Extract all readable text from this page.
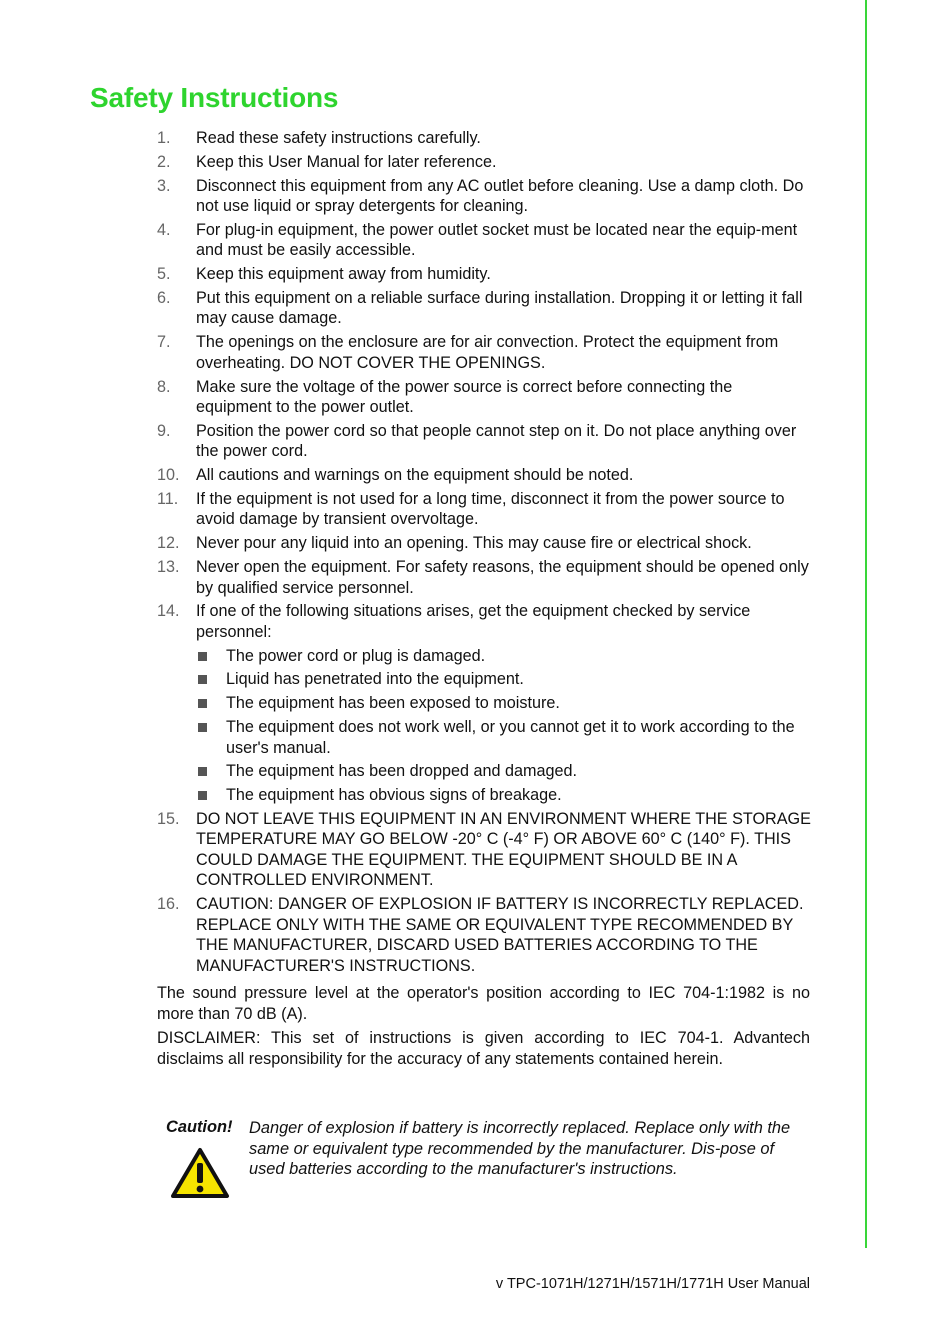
Safety Instructions
1. Read these safety instructions carefully.
2. Keep this User Manual for later reference.
3. Disconnect this equipment from any AC outlet before cleaning. Use a damp cloth. Do not use liquid or spray detergents for cleaning.
4. For plug-in equipment, the power outlet socket must be located near the equip-ment and must be easily accessible.
5. Keep this equipment away from humidity.
6. Put this equipment on a reliable surface during installation. Dropping it or letting it fall may cause damage.
7. The openings on the enclosure are for air convection. Protect the equipment from overheating. DO NOT COVER THE OPENINGS.
8. Make sure the voltage of the power source is correct before connecting the equipment to the power outlet.
9. Position the power cord so that people cannot step on it. Do not place anything over the power cord.
10. All cautions and warnings on the equipment should be noted.
11. If the equipment is not used for a long time, disconnect it from the power source to avoid damage by transient overvoltage.
12. Never pour any liquid into an opening. This may cause fire or electrical shock.
13. Never open the equipment. For safety reasons, the equipment should be opened only by qualified service personnel.
14. If one of the following situations arises, get the equipment checked by service personnel:
The power cord or plug is damaged.
Liquid has penetrated into the equipment.
The equipment has been exposed to moisture.
The equipment does not work well, or you cannot get it to work according to the user's manual.
The equipment has been dropped and damaged.
The equipment has obvious signs of breakage.
15. DO NOT LEAVE THIS EQUIPMENT IN AN ENVIRONMENT WHERE THE STORAGE TEMPERATURE MAY GO BELOW -20° C (-4° F) OR ABOVE 60° C (140° F). THIS COULD DAMAGE THE EQUIPMENT. THE EQUIPMENT SHOULD BE IN A CONTROLLED ENVIRONMENT.
16. CAUTION: DANGER OF EXPLOSION IF BATTERY IS INCORRECTLY REPLACED. REPLACE ONLY WITH THE SAME OR EQUIVALENT TYPE RECOMMENDED BY THE MANUFACTURER, DISCARD USED BATTERIES ACCORDING TO THE MANUFACTURER'S INSTRUCTIONS.

The sound pressure level at the operator's position according to IEC 704-1:1982 is no more than 70 dB (A).

DISCLAIMER: This set of instructions is given according to IEC 704-1. Advantech disclaims all responsibility for the accuracy of any statements contained herein.

Caution! Danger of explosion if battery is incorrectly replaced. Replace only with the same or equivalent type recommended by the manufacturer. Dis-pose of used batteries according to the manufacturer's instructions.

v TPC-1071H/1271H/1571H/1771H User Manual
